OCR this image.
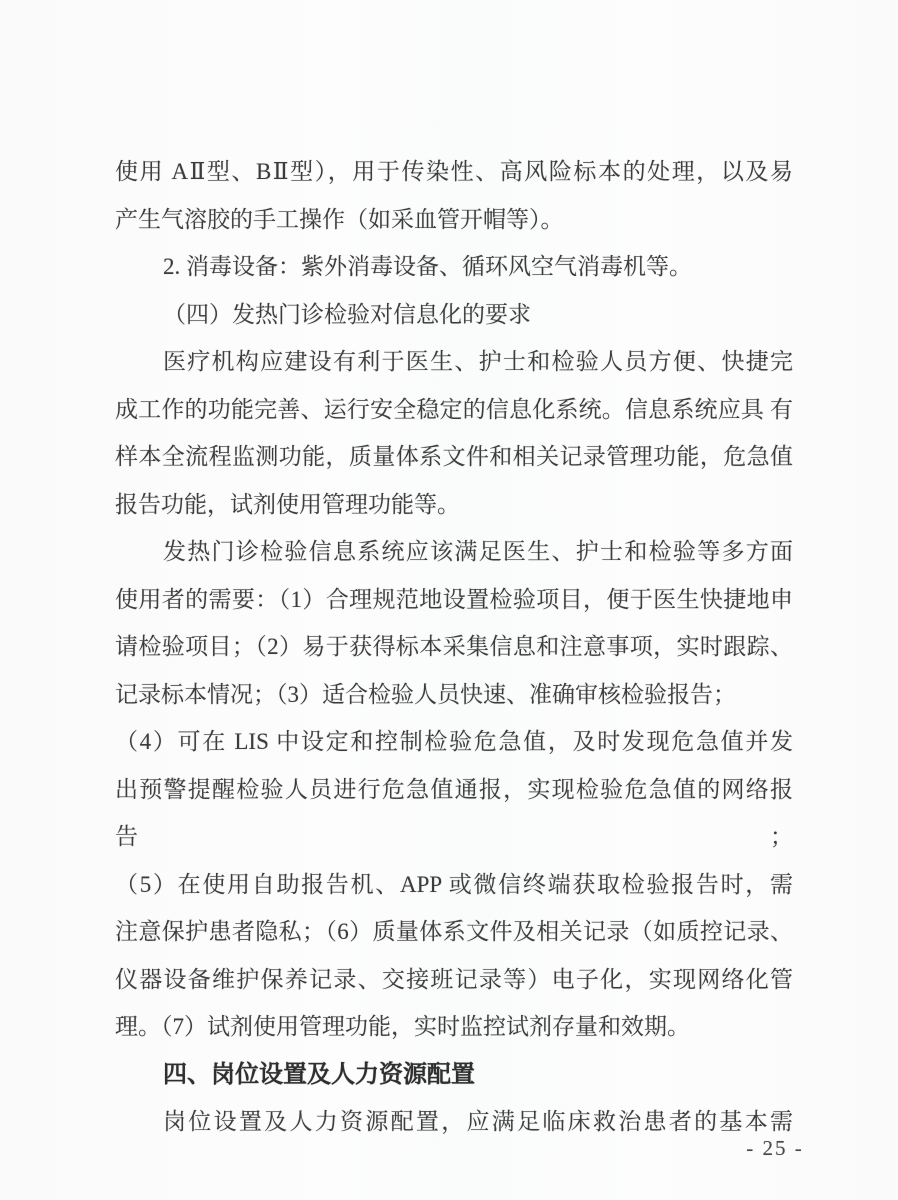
使用 AⅡ型、BⅡ型），用于传染性、高风险标本的处理，以及易
产生气溶胶的手工操作（如采血管开帽等）。
2. 消毒设备：紫外消毒设备、循环风空气消毒机等。
（四）发热门诊检验对信息化的要求
医疗机构应建设有利于医生、护士和检验人员方便、快捷完
成工作的功能完善、运行安全稳定的信息化系统。信息系统应具 有
样本全流程监测功能，质量体系文件和相关记录管理功能，危急值
报告功能，试剂使用管理功能等。
发热门诊检验信息系统应该满足医生、护士和检验等多方面
使用者的需要：（1）合理规范地设置检验项目，便于医生快捷地申
请检验项目；（2）易于获得标本采集信息和注意事项，实时跟踪、
记录标本情况；（3）适合检验人员快速、准确审核检验报告；
（4）可在 LIS 中设定和控制检验危急值，及时发现危急值并发
出预警提醒检验人员进行危急值通报，实现检验危急值的网络报告；
（5）在使用自助报告机、APP 或微信终端获取检验报告时，需
注意保护患者隐私；（6）质量体系文件及相关记录（如质控记录、
仪器设备维护保养记录、交接班记录等）电子化，实现网络化管
理。（7）试剂使用管理功能，实时监控试剂存量和效期。
四、岗位设置及人力资源配置
岗位设置及人力资源配置，应满足临床救治患者的基本需
- 25 -
